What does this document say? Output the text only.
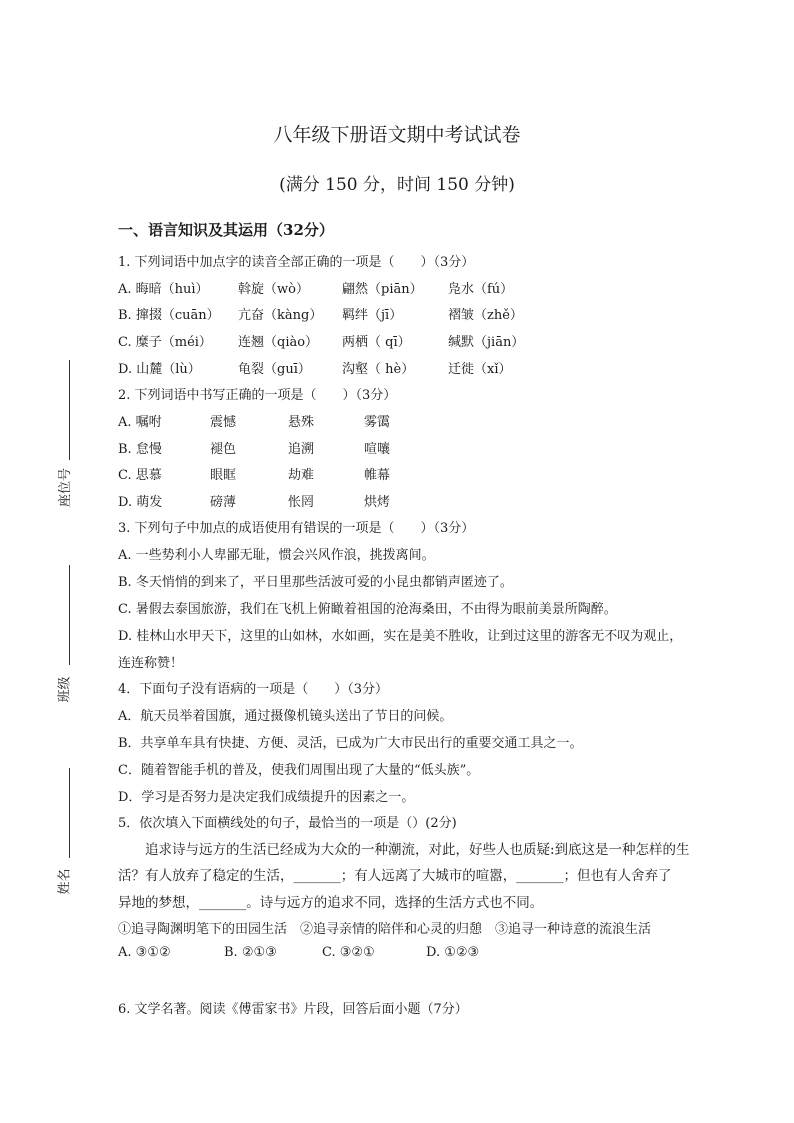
座位号
班级
姓名
八年级下册语文期中考试试卷
(满分 150 分，时间 150 分钟)
一、语言知识及其运用（32分）
1. 下列词语中加点字的读音全部正确的一项是（　　）（3分）
A. 晦暗（huì） 斡旋（wò）	翩然（piān） 凫水（fú）
B. 撺掇（cuān） 亢奋（kàng） 羁绊（jī）	褶皱（zhě）
C. 糜子（méi） 连翘（qiào） 两栖（ qī）	缄默（jiān）
D. 山麓（lù）	龟裂（guī） 沟壑（ hè）	迁徙（xǐ）
2. 下列词语中书写正确的一项是（　　）（3分）
A. 嘱咐	震憾	悬殊	雾霭
B. 怠慢	褪色	追溯	喧嚷
C. 思慕	眼眶	劫难	帷幕
D. 萌发	磅薄	怅罔	烘烤
3. 下列句子中加点的成语使用有错误的一项是（　　）（3分）
A. 一些势利小人卑鄙无耻，惯会兴风作浪，挑拨离间。
B. 冬天悄悄的到来了，平日里那些活波可爱的小昆虫都销声匿迹了。
C. 暑假去泰国旅游，我们在飞机上俯瞰着祖国的沧海桑田，不由得为眼前美景所陶醉。
D. 桂林山水甲天下，这里的山如林，水如画，实在是美不胜收，让到过这里的游客无不叹为观止，
连连称赞！
4．下面句子没有语病的一项是（　　）（3分）
A．航天员举着国旗，通过摄像机镜头送出了节日的问候。
B．共享单车具有快捷、方便、灵活，已成为广大市民出行的重要交通工具之一。
C．随着智能手机的普及，使我们周围出现了大量的“低头族”。
D．学习是否努力是决定我们成绩提升的因素之一。
5．依次填入下面横线处的句子，最恰当的一项是（）(2分)
　　追求诗与远方的生活已经成为大众的一种潮流，对此，好些人也质疑:到底这是一种怎样的生
活？有人放弃了稳定的生活，_______；有人远离了大城市的喧嚣，_______；但也有人舍弃了
异地的梦想，_______。诗与远方的追求不同，选择的生活方式也不同。
①追寻陶渊明笔下的田园生活　②追寻亲情的陪伴和心灵的归憩　③追寻一种诗意的流浪生活
A. ③①②	B. ②①③	C. ③②①	D. ①②③
6. 文学名著。阅读《傅雷家书》片段，回答后面小题（7分）
